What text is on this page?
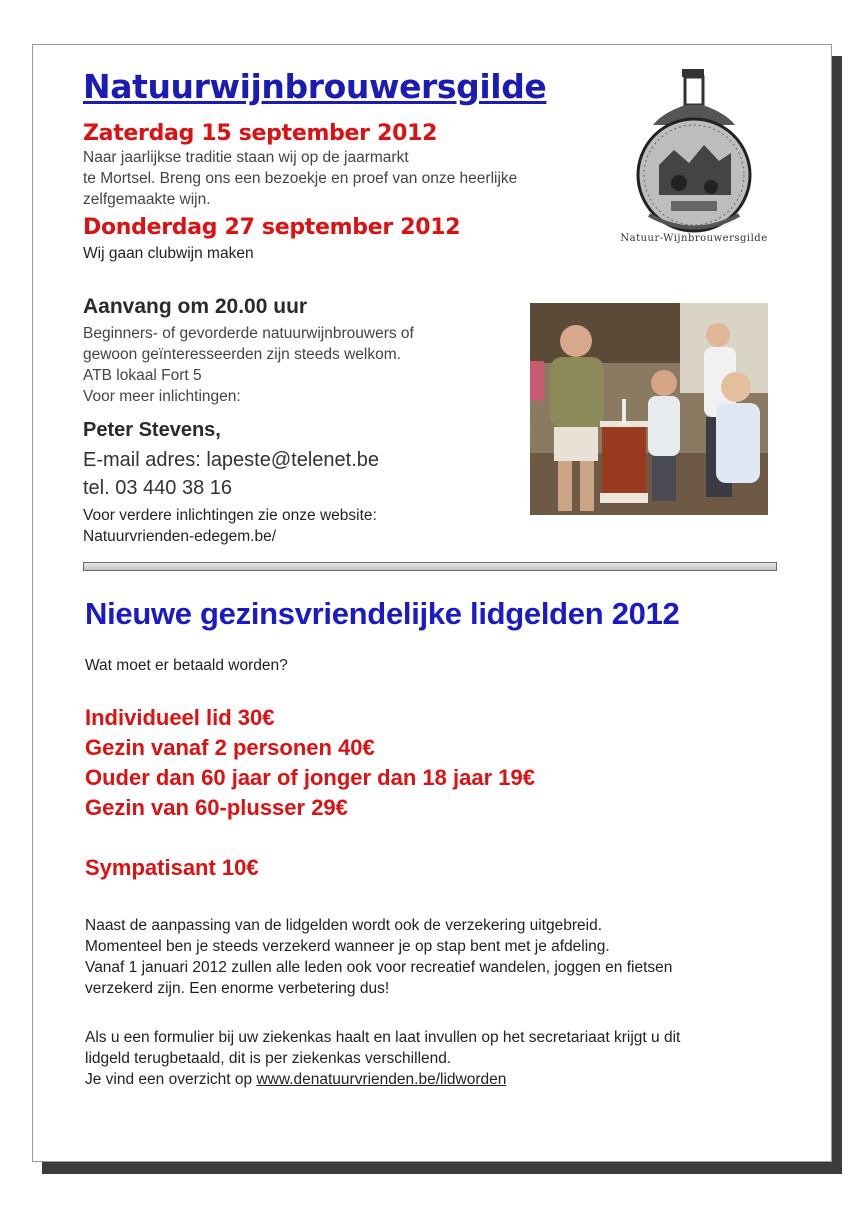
Natuurwijnbrouwersgilde
Zaterdag 15 september 2012
Naar jaarlijkse traditie staan wij op de jaarmarkt
te Mortsel. Breng ons een bezoekje en proef van onze heerlijke
zelfgemaakte wijn.
Donderdag 27 september 2012
Wij gaan clubwijn maken
Natuur-Wijnbrouwersgilde
Aanvang om 20.00 uur
Beginners- of gevorderde natuurwijnbrouwers of
gewoon geïnteresseerden zijn steeds welkom.
ATB lokaal Fort 5
Voor meer inlichtingen:
Peter Stevens,
E-mail adres: lapeste@telenet.be
tel. 03 440 38 16
Voor verdere inlichtingen zie onze website:
Natuurvrienden-edegem.be/
Nieuwe gezinsvriendelijke lidgelden 2012
Wat moet er betaald worden?
Individueel lid 30€
Gezin vanaf 2 personen 40€
Ouder dan 60 jaar of jonger dan 18 jaar 19€
Gezin van 60-plusser 29€
Sympatisant 10€
Naast de aanpassing van de lidgelden wordt ook de verzekering uitgebreid.
Momenteel ben je steeds verzekerd wanneer je op stap bent met je afdeling.
Vanaf 1 januari 2012 zullen alle leden ook voor recreatief wandelen, joggen en fietsen
verzekerd zijn. Een enorme verbetering dus!
Als u een formulier bij uw ziekenkas haalt en laat invullen op het secretariaat krijgt u dit
lidgeld terugbetaald, dit is per ziekenkas verschillend.
Je vind een overzicht op www.denatuurvrienden.be/lidworden
